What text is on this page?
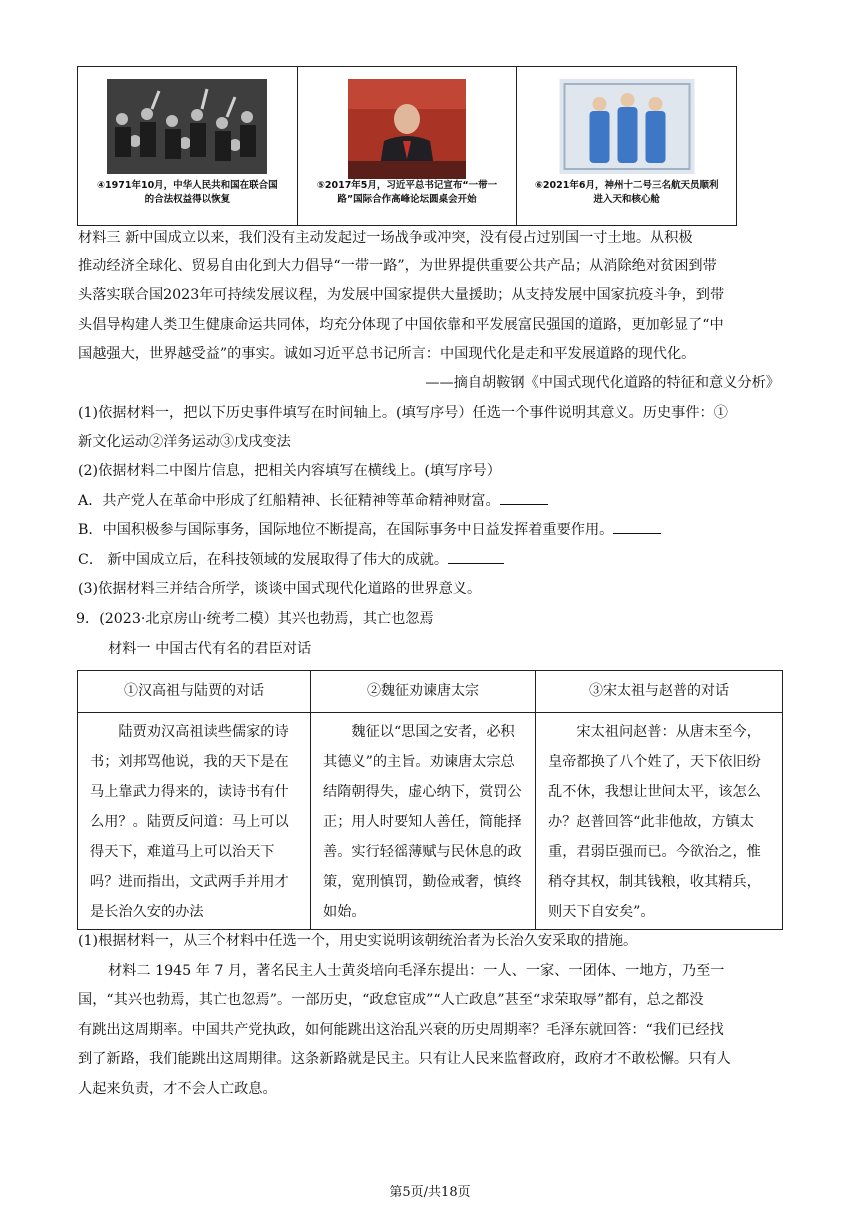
④1971年10月，中华人民共和国在联合国的合法权益得以恢复
⑤2017年5月，习近平总书记宣布“一带一路”国际合作高峰论坛圆桌会开始
⑥2021年6月，神州十二号三名航天员顺利进入天和核心舱
材料三 新中国成立以来，我们没有主动发起过一场战争或冲突，没有侵占过别国一寸土地。从积极
推动经济全球化、贸易自由化到大力倡导“一带一路”，为世界提供重要公共产品；从消除绝对贫困到带
头落实联合国2023年可持续发展议程，为发展中国家提供大量援助；从支持发展中国家抗疫斗争，到带
头倡导构建人类卫生健康命运共同体，均充分体现了中国依靠和平发展富民强国的道路，更加彰显了“中
国越强大，世界越受益”的事实。诚如习近平总书记所言：中国现代化是走和平发展道路的现代化。
——摘自胡鞍钢《中国式现代化道路的特征和意义分析》
(1)依据材料一，把以下历史事件填写在时间轴上。(填写序号）任选一个事件说明其意义。历史事件：①
新文化运动②洋务运动③戊戌变法
(2)依据材料二中图片信息，把相关内容填写在横线上。(填写序号）
A．共产党人在革命中形成了红船精神、长征精神等革命精神财富。
B．中国积极参与国际事务，国际地位不断提高，在国际事务中日益发挥着重要作用。
C． 新中国成立后，在科技领域的发展取得了伟大的成就。
(3)依据材料三并结合所学，谈谈中国式现代化道路的世界意义。
9．(2023·北京房山·统考二模）其兴也勃焉，其亡也忽焉
材料一 中国古代有名的君臣对话
①汉高祖与陆贾的对话	②魏征劝谏唐太宗	③宋太祖与赵普的对话
陆贾劝汉高祖读些儒家的诗书；刘邦骂他说，我的天下是在马上靠武力得来的，读诗书有什么用？。陆贾反问道：马上可以得天下，难道马上可以治天下吗？进而指出，文武两手并用才是长治久安的办法
魏征以“思国之安者，必积其德义”的主旨。劝谏唐太宗总结隋朝得失，虚心纳下，赏罚公正；用人时要知人善任，简能择善。实行轻徭薄赋与民休息的政策，宽刑慎罚，勤俭戒奢，慎终如始。
宋太祖问赵普：从唐末至今，皇帝都换了八个姓了，天下依旧纷乱不休，我想让世间太平，该怎么办？赵普回答“此非他故，方镇太重，君弱臣强而已。今欲治之，惟稍夺其权，制其钱粮，收其精兵，则天下自安矣”。
(1)根据材料一，从三个材料中任选一个，用史实说明该朝统治者为长治久安采取的措施。
材料二 1945 年 7 月，著名民主人士黄炎培向毛泽东提出：一人、一家、一团体、一地方，乃至一
国，“其兴也勃焉，其亡也忽焉”。一部历史，“政怠宦成”“人亡政息”甚至“求荣取辱”都有，总之都没
有跳出这周期率。中国共产党执政，如何能跳出这治乱兴衰的历史周期率？毛泽东就回答：“我们已经找
到了新路，我们能跳出这周期律。这条新路就是民主。只有让人民来监督政府，政府才不敢松懈。只有人
人起来负责，才不会人亡政息。
第5页/共18页
